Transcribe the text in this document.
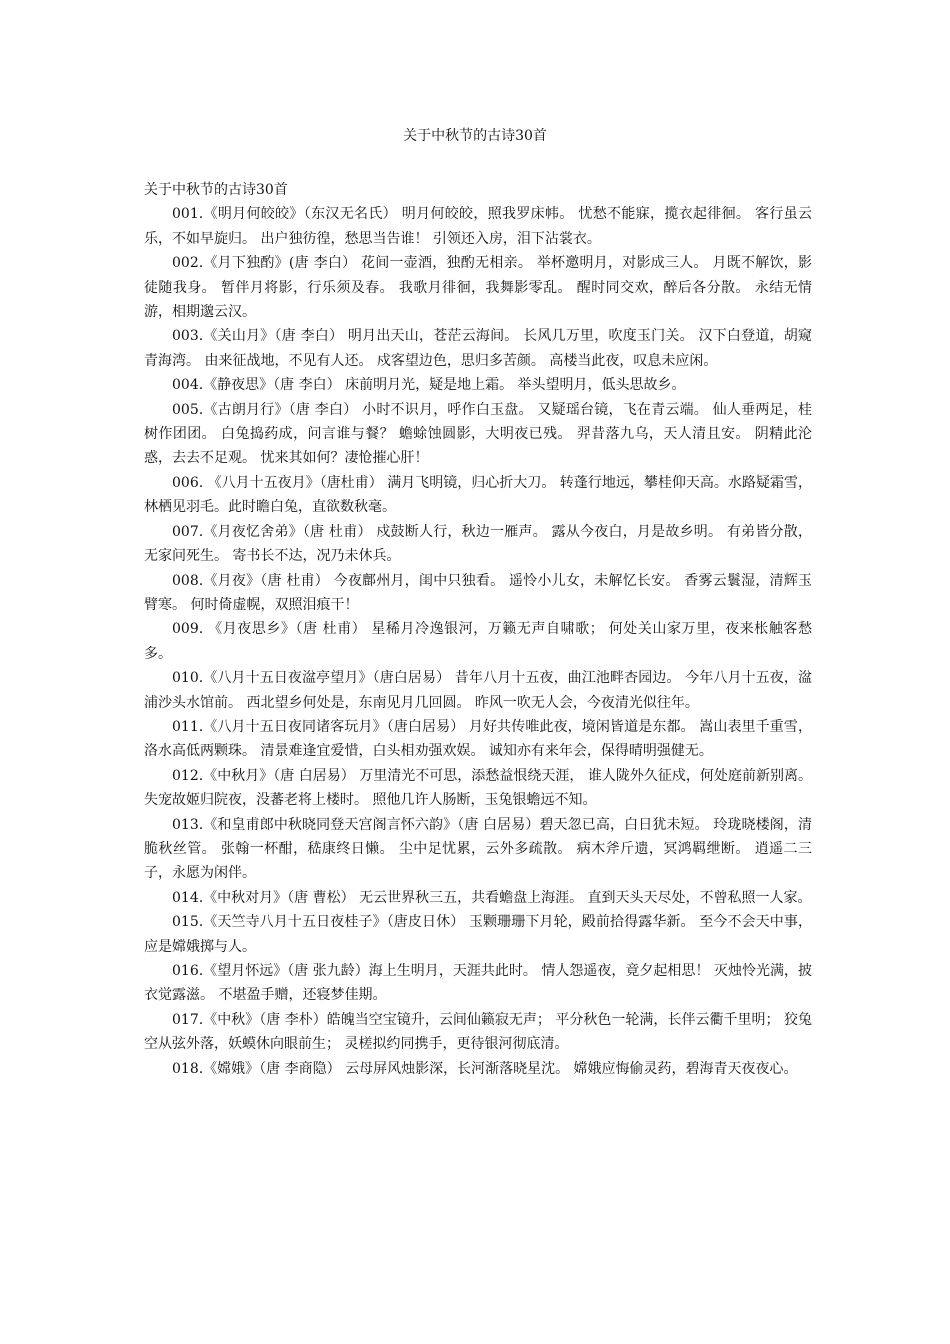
关于中秋节的古诗30首

关于中秋节的古诗30首

001.《明月何皎皎》（东汉无名氏） 明月何皎皎，照我罗床帏。 忧愁不能寐，揽衣起徘徊。 客行虽云乐，不如早旋归。 出户独彷徨，愁思当告谁！ 引领还入房，泪下沾裳衣。

002.《月下独酌》(唐 李白） 花间一壶酒，独酌无相亲。 举杯邀明月，对影成三人。 月既不解饮，影徒随我身。 暂伴月将影，行乐须及春。 我歌月徘徊，我舞影零乱。 醒时同交欢，醉后各分散。 永结无情游，相期邈云汉。

003.《关山月》（唐 李白） 明月出天山，苍茫云海间。 长风几万里，吹度玉门关。 汉下白登道，胡窥青海湾。 由来征战地，不见有人还。 戍客望边色，思归多苦颜。 高楼当此夜，叹息未应闲。

004.《静夜思》（唐 李白） 床前明月光，疑是地上霜。 举头望明月，低头思故乡。

005.《古朗月行》（唐 李白） 小时不识月，呼作白玉盘。 又疑瑶台镜，飞在青云端。 仙人垂两足，桂树作团团。 白兔捣药成，问言谁与餐？ 蟾蜍蚀圆影，大明夜已残。 羿昔落九乌，天人清且安。 阴精此沦惑，去去不足观。 忧来其如何？凄怆摧心肝！

006. 《八月十五夜月》（唐杜甫） 满月飞明镜，归心折大刀。 转蓬行地远，攀桂仰天高。水路疑霜雪，林栖见羽毛。此时瞻白兔，直欲数秋毫。

007.《月夜忆舍弟》（唐 杜甫） 戍鼓断人行，秋边一雁声。 露从今夜白，月是故乡明。 有弟皆分散，无家问死生。 寄书长不达，况乃未休兵。

008.《月夜》（唐 杜甫） 今夜鄜州月，闺中只独看。 遥怜小儿女，未解忆长安。 香雾云鬟湿，清辉玉臂寒。 何时倚虚幌，双照泪痕干！

009. 《月夜思乡》（唐 杜甫） 星稀月冷逸银河，万籁无声自啸歌； 何处关山家万里，夜来枨触客愁多。

010.《八月十五日夜湓亭望月》（唐白居易） 昔年八月十五夜，曲江池畔杏园边。 今年八月十五夜，湓浦沙头水馆前。 西北望乡何处是，东南见月几回圆。 昨风一吹无人会，今夜清光似往年。

011.《八月十五日夜同诸客玩月》（唐白居易） 月好共传唯此夜，境闲皆道是东都。 嵩山表里千重雪，洛水高低两颗珠。 清景难逢宜爱惜，白头相劝强欢娱。 诚知亦有来年会，保得晴明强健无。

012.《中秋月》（唐 白居易） 万里清光不可思，添愁益恨绕天涯， 谁人陇外久征戍，何处庭前新别离。 失宠故姬归院夜，没蕃老将上楼时。 照他几许人肠断，玉兔银蟾远不知。

013.《和皇甫郎中秋晓同登天宫阁言怀六韵》（唐 白居易）碧天忽已高，白日犹未短。 玲珑晓楼阁，清脆秋丝管。 张翰一杯酣，嵇康终日懒。 尘中足忧累，云外多疏散。 病木斧斤遗，冥鸿羁绁断。 逍遥二三子，永愿为闲伴。

014.《中秋对月》（唐 曹松） 无云世界秋三五，共看蟾盘上海涯。 直到天头天尽处，不曾私照一人家。

015.《天竺寺八月十五日夜桂子》（唐皮日休） 玉颗珊珊下月轮，殿前拾得露华新。 至今不会天中事，应是嫦娥掷与人。

016.《望月怀远》（唐 张九龄）海上生明月，天涯共此时。 情人怨遥夜，竟夕起相思！ 灭烛怜光满，披衣觉露滋。 不堪盈手赠，还寝梦佳期。

017.《中秋》（唐 李朴）皓魄当空宝镜升，云间仙籁寂无声； 平分秋色一轮满，长伴云衢千里明； 狡兔空从弦外落，妖蟆休向眼前生； 灵槎拟约同携手，更待银河彻底清。

018.《嫦娥》（唐 李商隐） 云母屏风烛影深，长河渐落晓星沈。 嫦娥应悔偷灵药，碧海青天夜夜心。
